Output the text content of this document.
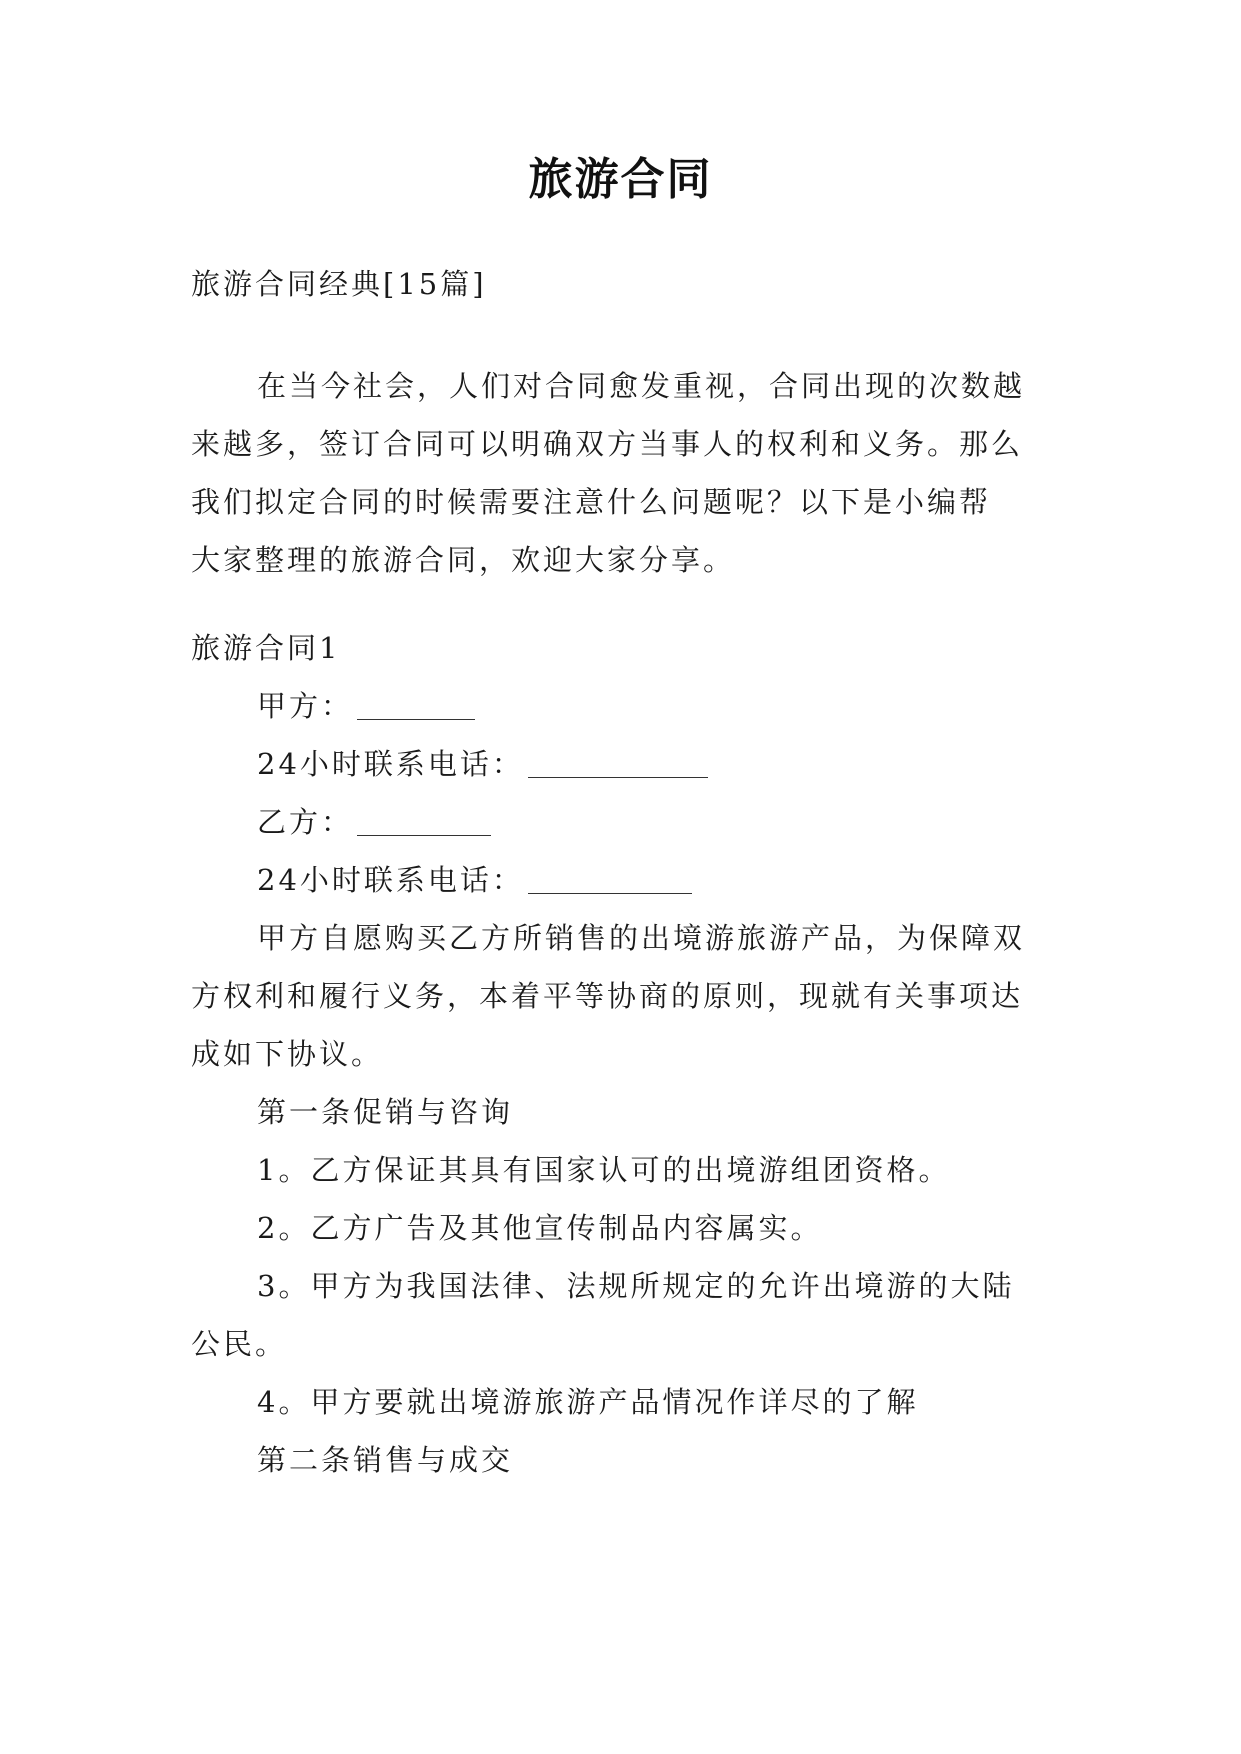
旅游合同
旅游合同经典[15篇]
在当今社会，人们对合同愈发重视，合同出现的次数越
来越多，签订合同可以明确双方当事人的权利和义务。那么
我们拟定合同的时候需要注意什么问题呢？以下是小编帮
大家整理的旅游合同，欢迎大家分享。
旅游合同1
甲方：
24小时联系电话：
乙方：
24小时联系电话：
甲方自愿购买乙方所销售的出境游旅游产品，为保障双
方权利和履行义务，本着平等协商的原则，现就有关事项达
成如下协议。
第一条促销与咨询
1。乙方保证其具有国家认可的出境游组团资格。
2。乙方广告及其他宣传制品内容属实。
3。甲方为我国法律、法规所规定的允许出境游的大陆
公民。
4。甲方要就出境游旅游产品情况作详尽的了解
第二条销售与成交
